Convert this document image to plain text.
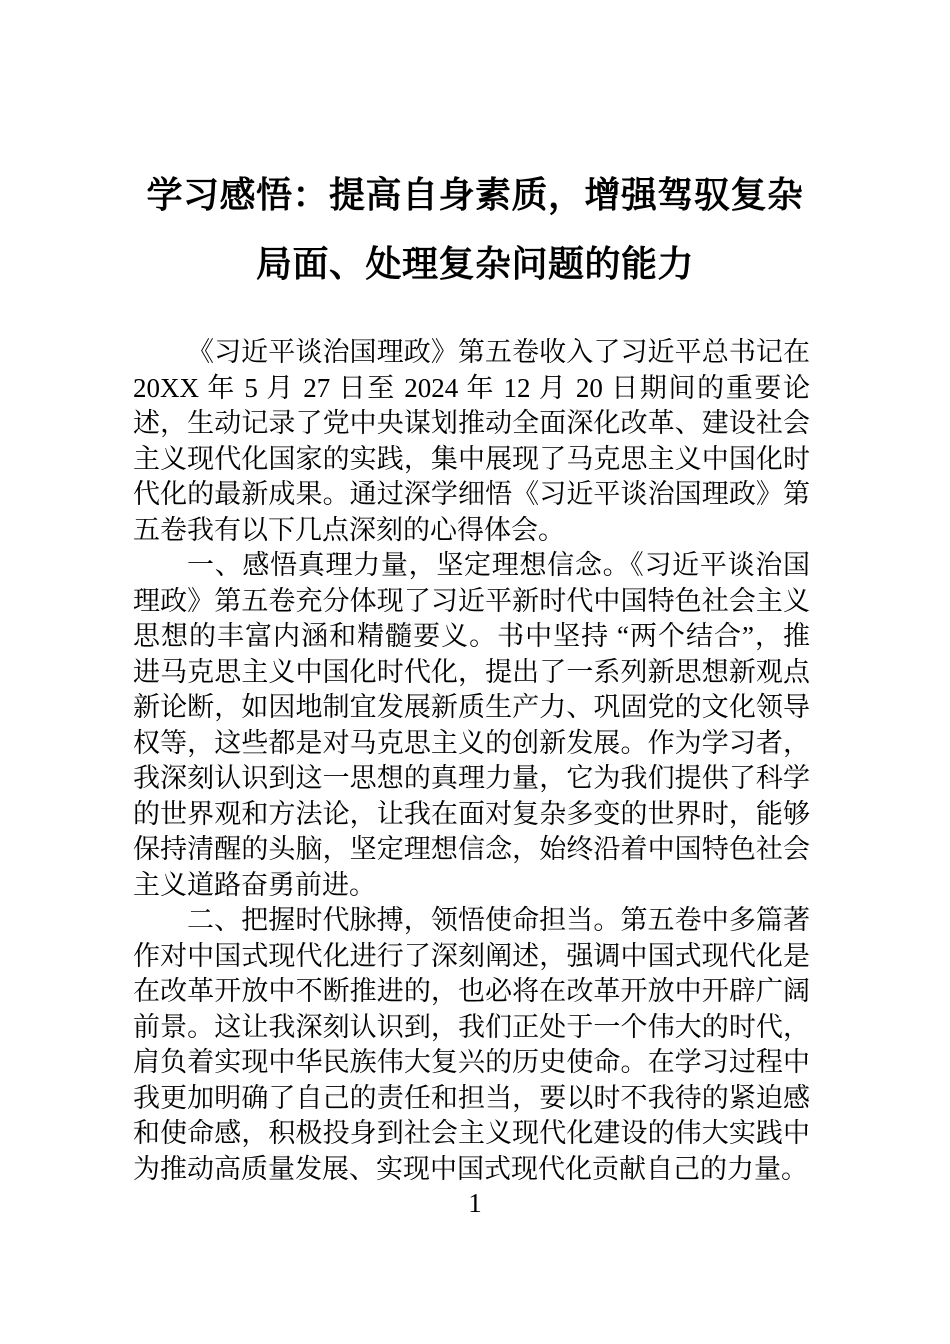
学习感悟：提高自身素质，增强驾驭复杂
局面、处理复杂问题的能力

《习近平谈治国理政》第五卷收入了习近平总书记在 20XX 年 5 月 27 日至 2024 年 12 月 20 日期间的重要论述，生动记录了党中央谋划推动全面深化改革、建设社会主义现代化国家的实践，集中展现了马克思主义中国化时代化的最新成果。通过深学细悟《习近平谈治国理政》第五卷我有以下几点深刻的心得体会。

一、感悟真理力量，坚定理想信念。《习近平谈治国理政》第五卷充分体现了习近平新时代中国特色社会主义思想的丰富内涵和精髓要义。书中坚持 “两个结合”，推进马克思主义中国化时代化，提出了一系列新思想新观点新论断，如因地制宜发展新质生产力、巩固党的文化领导权等，这些都是对马克思主义的创新发展。作为学习者，我深刻认识到这一思想的真理力量，它为我们提供了科学的世界观和方法论，让我在面对复杂多变的世界时，能够保持清醒的头脑，坚定理想信念，始终沿着中国特色社会主义道路奋勇前进。

二、把握时代脉搏，领悟使命担当。第五卷中多篇著作对中国式现代化进行了深刻阐述，强调中国式现代化是在改革开放中不断推进的，也必将在改革开放中开辟广阔前景。这让我深刻认识到，我们正处于一个伟大的时代，肩负着实现中华民族伟大复兴的历史使命。在学习过程中我更加明确了自己的责任和担当，要以时不我待的紧迫感和使命感，积极投身到社会主义现代化建设的伟大实践中为推动高质量发展、实现中国式现代化贡献自己的力量。

1
